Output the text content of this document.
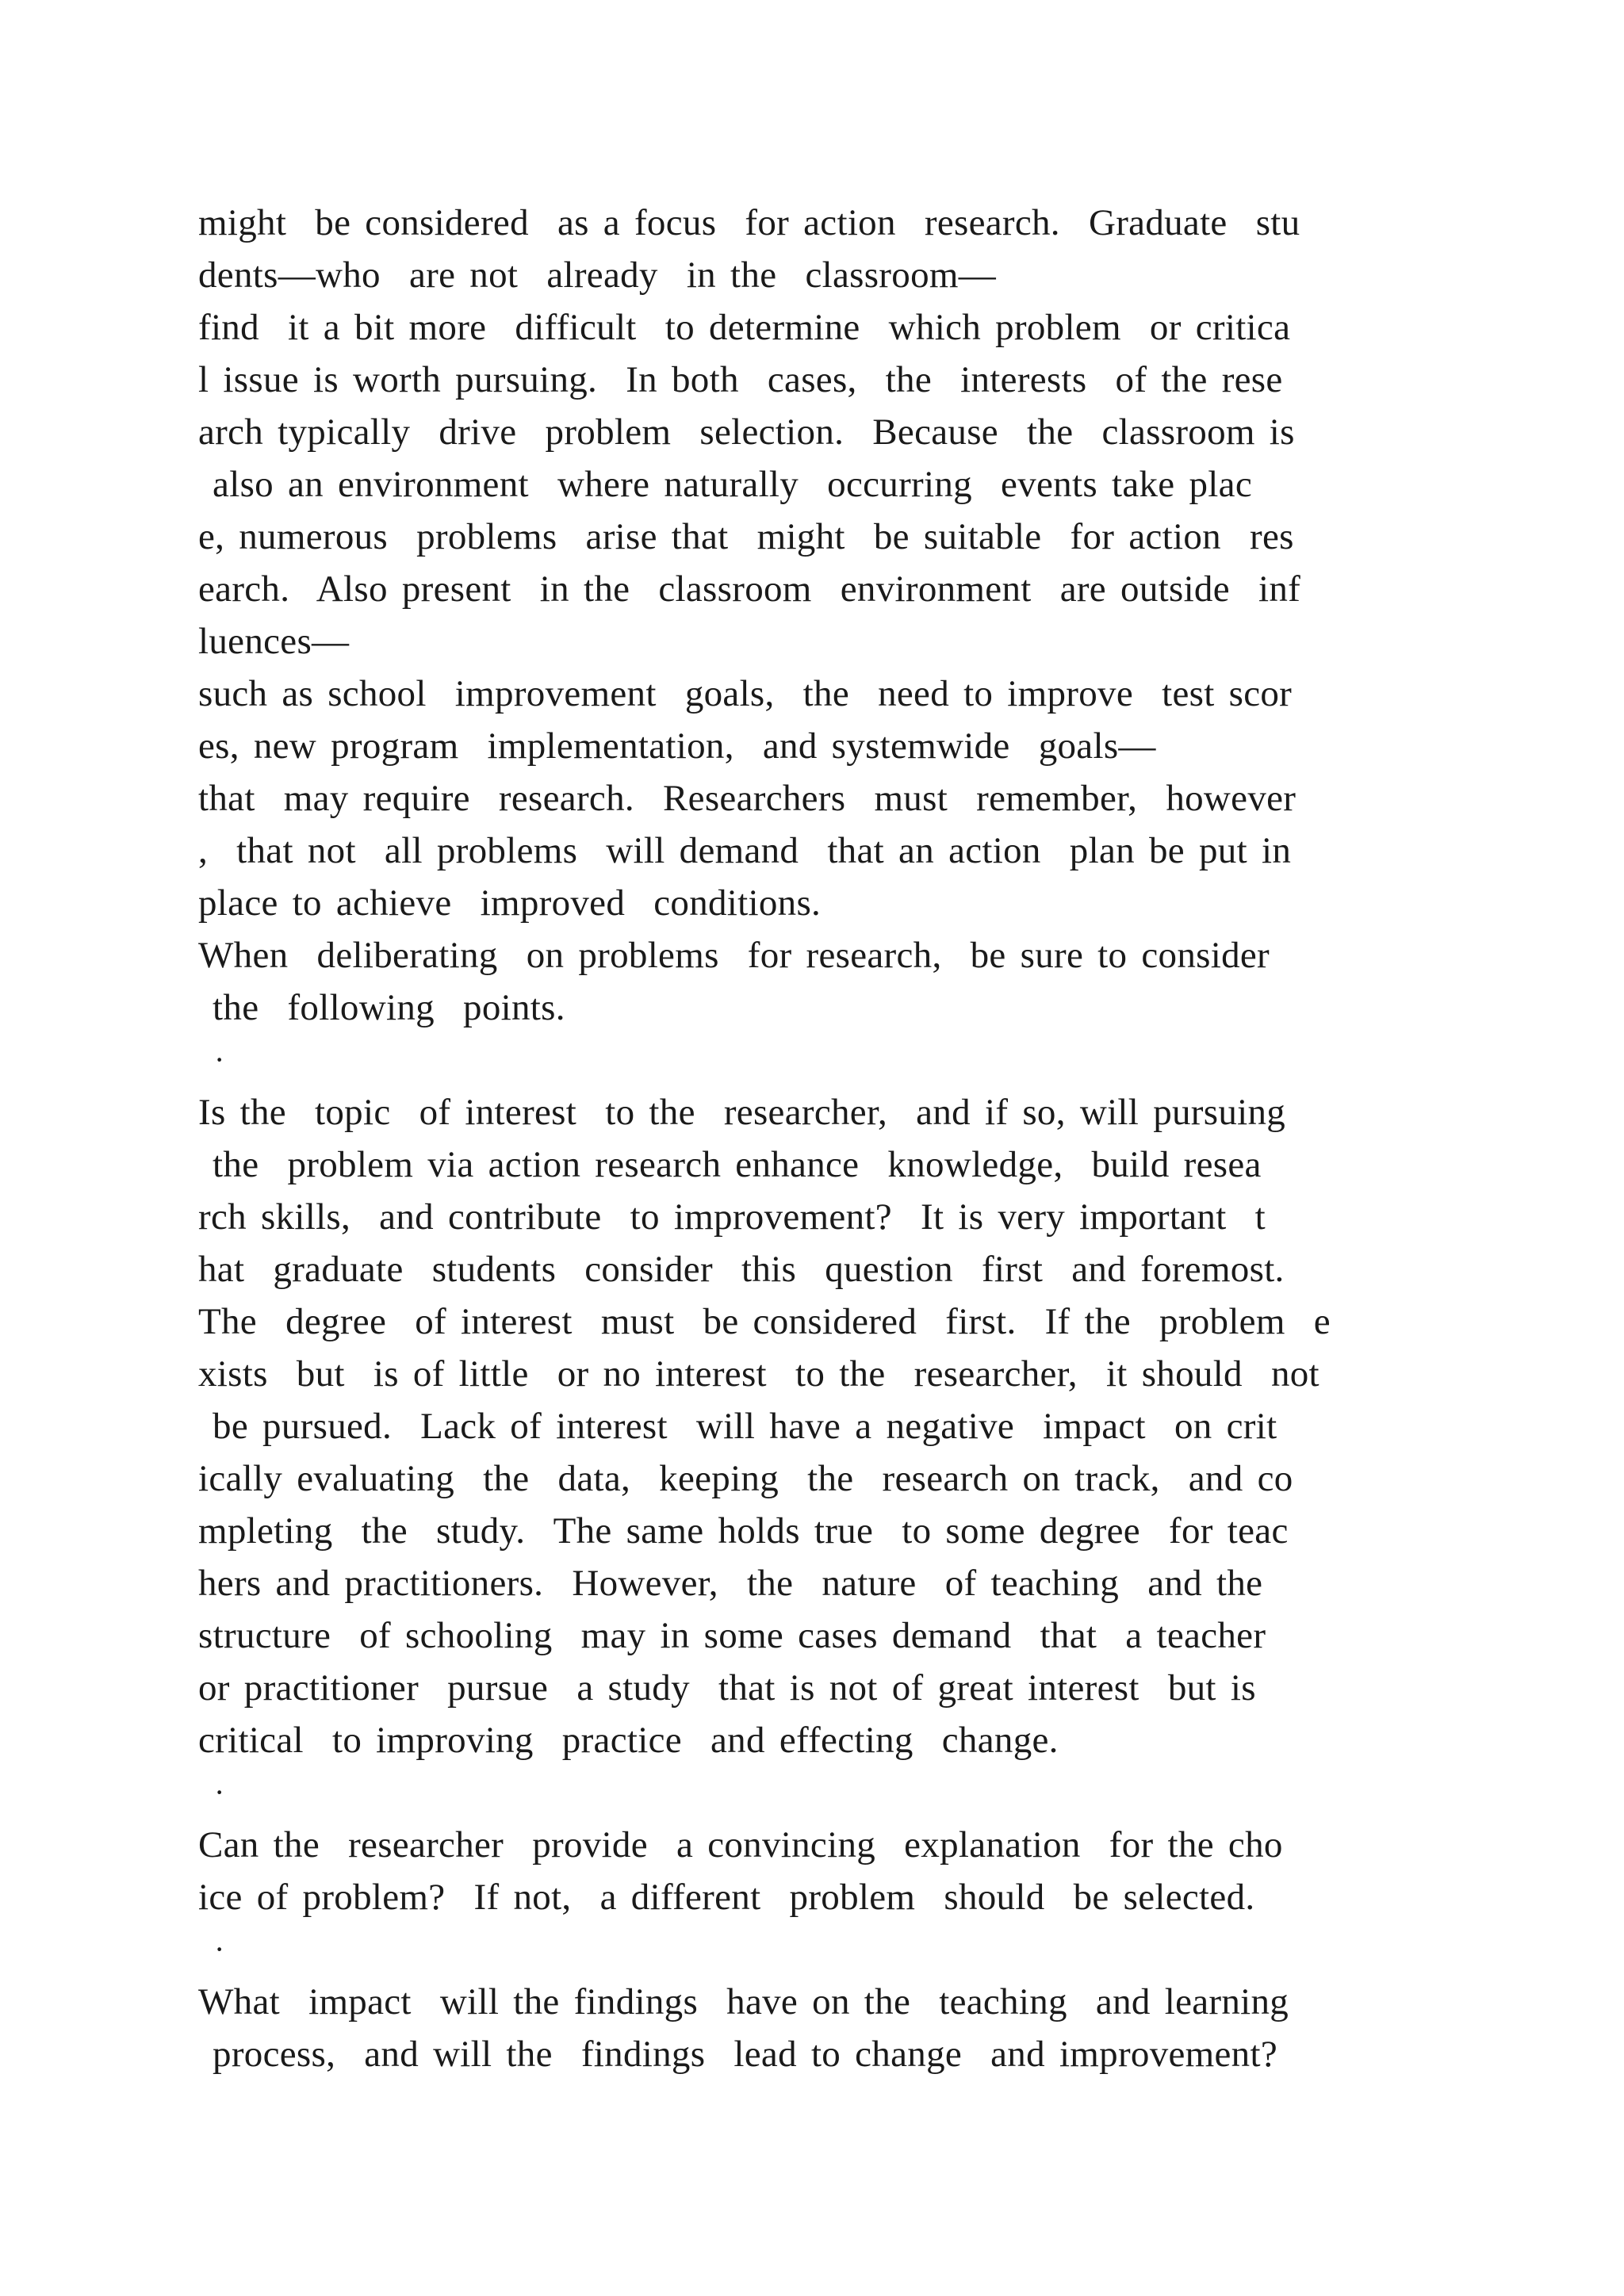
might  be considered  as a focus  for action  research.  Graduate  stu
dents—who  are not  already  in the  classroom—
find  it a bit more  difficult  to determine  which problem  or critica
l issue is worth pursuing.  In both  cases,  the  interests  of the rese
arch typically  drive  problem  selection.  Because  the  classroom is
also an environment  where naturally  occurring  events take plac
e, numerous  problems  arise that  might  be suitable  for action  res
earch.  Also present  in the  classroom  environment  are outside  inf
luences—
such as school  improvement  goals,  the  need to improve  test scor
es, new program  implementation,  and systemwide  goals—
that  may require  research.  Researchers  must  remember,  however
,  that not  all problems  will demand  that an action  plan be put in
place to achieve  improved  conditions.
When  deliberating  on problems  for research,  be sure to consider
the  following  points.
·
Is the  topic  of interest  to the  researcher,  and if so, will pursuing
the  problem via action research enhance  knowledge,  build resea
rch skills,  and contribute  to improvement?  It is very important  t
hat  graduate  students  consider  this  question  first  and foremost.
The  degree  of interest  must  be considered  first.  If the  problem  e
xists  but  is of little  or no interest  to the  researcher,  it should  not
be pursued.  Lack of interest  will have a negative  impact  on crit
ically evaluating  the  data,  keeping  the  research on track,  and co
mpleting  the  study.  The same holds true  to some degree  for teac
hers and practitioners.  However,  the  nature  of teaching  and the
structure  of schooling  may in some cases demand  that  a teacher
or practitioner  pursue  a study  that is not of great interest  but is
critical  to improving  practice  and effecting  change.
·
Can the  researcher  provide  a convincing  explanation  for the cho
ice of problem?  If not,  a different  problem  should  be selected.
·
What  impact  will the findings  have on the  teaching  and learning
process,  and will the  findings  lead to change  and improvement?
